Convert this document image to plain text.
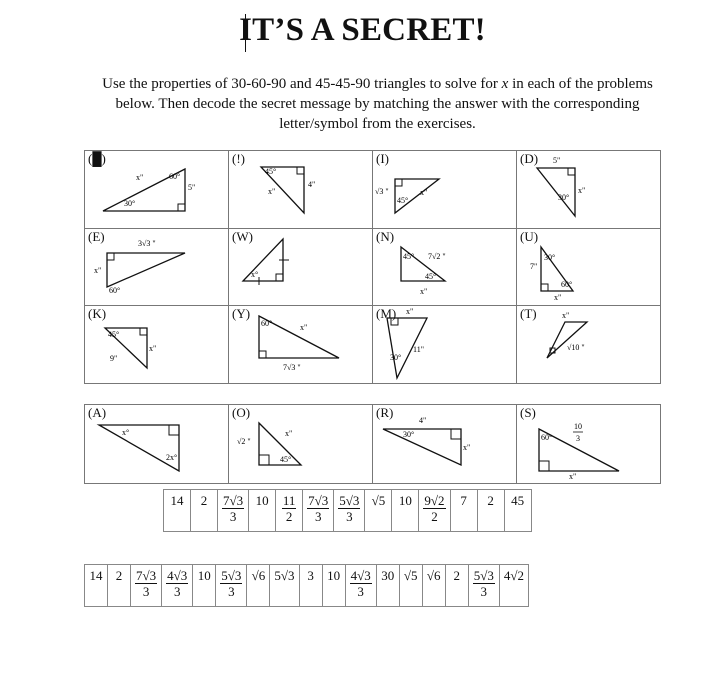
IT’S A SECRET!
Use the properties of 30-60-90 and 45-45-90 triangles to solve for x in each of the problems below. Then decode the secret message by matching the answer with the corresponding letter/symbol from the exercises.
x" 60°
5"
30°
(█)	45°
4"
x"
(!)	√3 "
45°
x"
(I)	5"
x"
30°
(D)

3√3 "
x"
60°
(E)	x°
(W)	45° 7√2 "
45°
x"
(N)	30°
7"
60°
x"
(U)

45°
9"
x"
(K)	60° x"
7√3 "
(Y)	x"
11"
30°
(M)	x"
√10 "
(T)
x°
2x°
(A)

√2 "
x"
45°
(O)

4"
30°
x"
(R)

10
3
60°
x"
(S)
14	2	$\frac{7√3}{3}$	10	$\frac{11}{2}$	$\frac{7√3}{3}$	$\frac{5√3}{3}$	√5	10	$\frac{9√2}{2}$	7	2	45
14	2	$\frac{7√3}{3}$	$\frac{4√3}{3}$	10	$\frac{5√3}{3}$	√6	5√3	3	10	$\frac{4√3}{3}$	30	√5	√6	2	$\frac{5√3}{3}$	4√2
